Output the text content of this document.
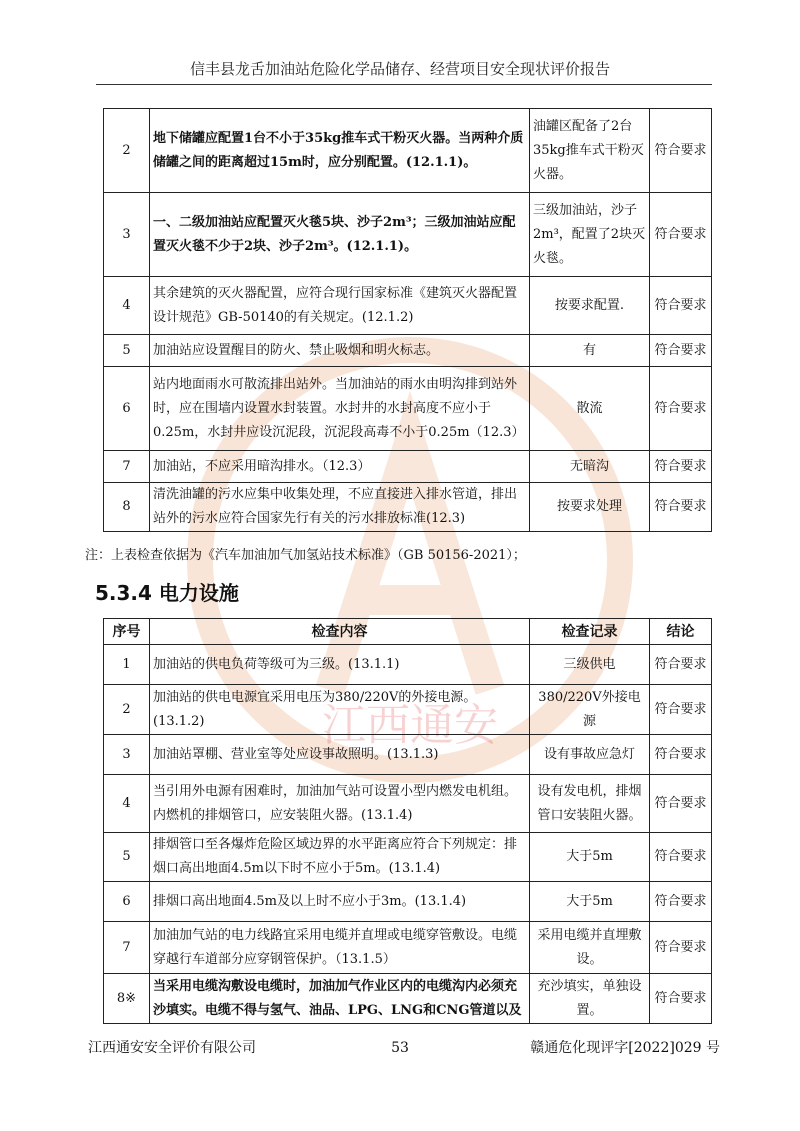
江西通安
信丰县龙舌加油站危险化学品储存、经营项目安全现状评价报告
2	地下储罐应配置1台不小于35kg推车式干粉灭火器。当两种介质储罐之间的距离超过15m时，应分别配置。(12.1.1)。	油罐区配备了2台35kg推车式干粉灭火器。	符合要求
3	一、二级加油站应配置灭火毯5块、沙子2m³；三级加油站应配置灭火毯不少于2块、沙子2m³。(12.1.1)。	三级加油站，沙子2m³，配置了2块灭火毯。	符合要求
4	其余建筑的灭火器配置，应符合现行国家标准《建筑灭火器配置设计规范》GB-50140的有关规定。(12.1.2)	按要求配置.	符合要求
5	加油站应设置醒目的防火、禁止吸烟和明火标志。	有	符合要求
6	站内地面雨水可散流排出站外。当加油站的雨水由明沟排到站外时，应在围墙内设置水封装置。水封井的水封高度不应小于0.25m，水封井应设沉泥段，沉泥段高毒不小于0.25m（12.3）	散流	符合要求
7	加油站，不应采用暗沟排水。（12.3）	无暗沟	符合要求
8	清洗油罐的污水应集中收集处理，不应直接进入排水管道，排出站外的污水应符合国家先行有关的污水排放标准(12.3)	按要求处理	符合要求
注：上表检查依据为《汽车加油加气加氢站技术标准》（GB 50156-2021）；
5.3.4 电力设施
序号	检查内容	检查记录	结论
1	加油站的供电负荷等级可为三级。(13.1.1)	三级供电	符合要求
2	加油站的供电电源宜采用电压为380/220V的外接电源。(13.1.2)	380/220V外接电源	符合要求
3	加油站罩棚、营业室等处应设事故照明。(13.1.3)	设有事故应急灯	符合要求
4	当引用外电源有困难时，加油加气站可设置小型内燃发电机组。内燃机的排烟管口，应安装阻火器。(13.1.4)	设有发电机，排烟管口安装阻火器。	符合要求
5	排烟管口至各爆炸危险区域边界的水平距离应符合下列规定：排烟口高出地面4.5m以下时不应小于5m。(13.1.4)	大于5m	符合要求
6	排烟口高出地面4.5m及以上时不应小于3m。(13.1.4)	大于5m	符合要求
7	加油加气站的电力线路宜采用电缆并直埋或电缆穿管敷设。电缆穿越行车道部分应穿钢管保护。（13.1.5）	采用电缆并直埋敷设。	符合要求
8※	当采用电缆沟敷设电缆时，加油加气作业区内的电缆沟内必须充沙填实。电缆不得与氢气、油品、LPG、LNG和CNG管道以及	充沙填实，单独设置。	符合要求
江西通安安全评价有限公司	53	赣通危化现评字[2022]029 号
